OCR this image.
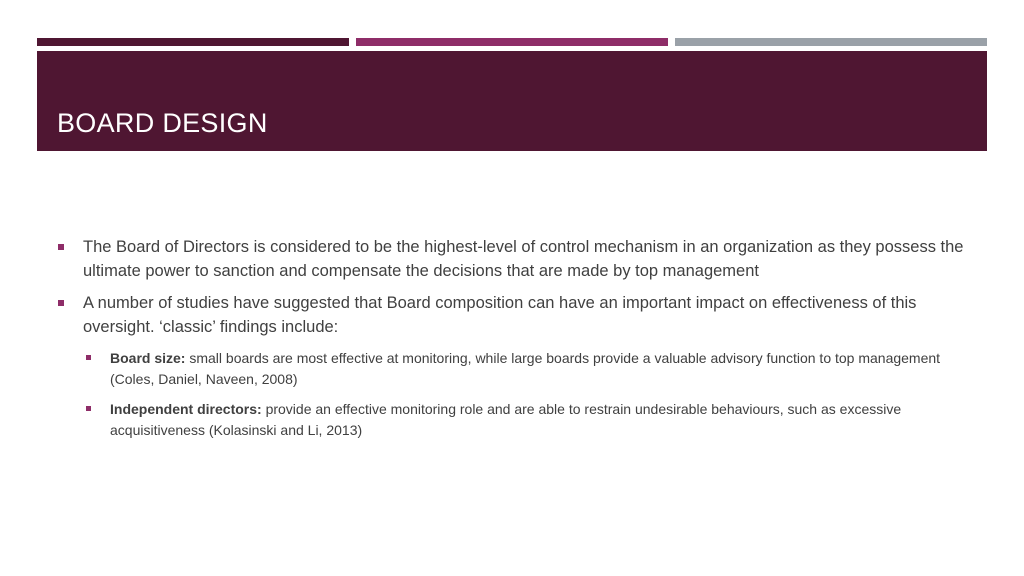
BOARD DESIGN
The Board of Directors is considered to be the highest-level of control mechanism in an organization as they possess the ultimate power to sanction and compensate the decisions that are made by top management
A number of studies have suggested that Board composition can have an important impact on effectiveness of this oversight. ‘classic’ findings include:
Board size: small boards are most effective at monitoring, while large boards provide a valuable advisory function to top management (Coles, Daniel, Naveen, 2008)
Independent directors: provide an effective monitoring role and are able to restrain undesirable behaviours, such as excessive acquisitiveness (Kolasinski and Li, 2013)
